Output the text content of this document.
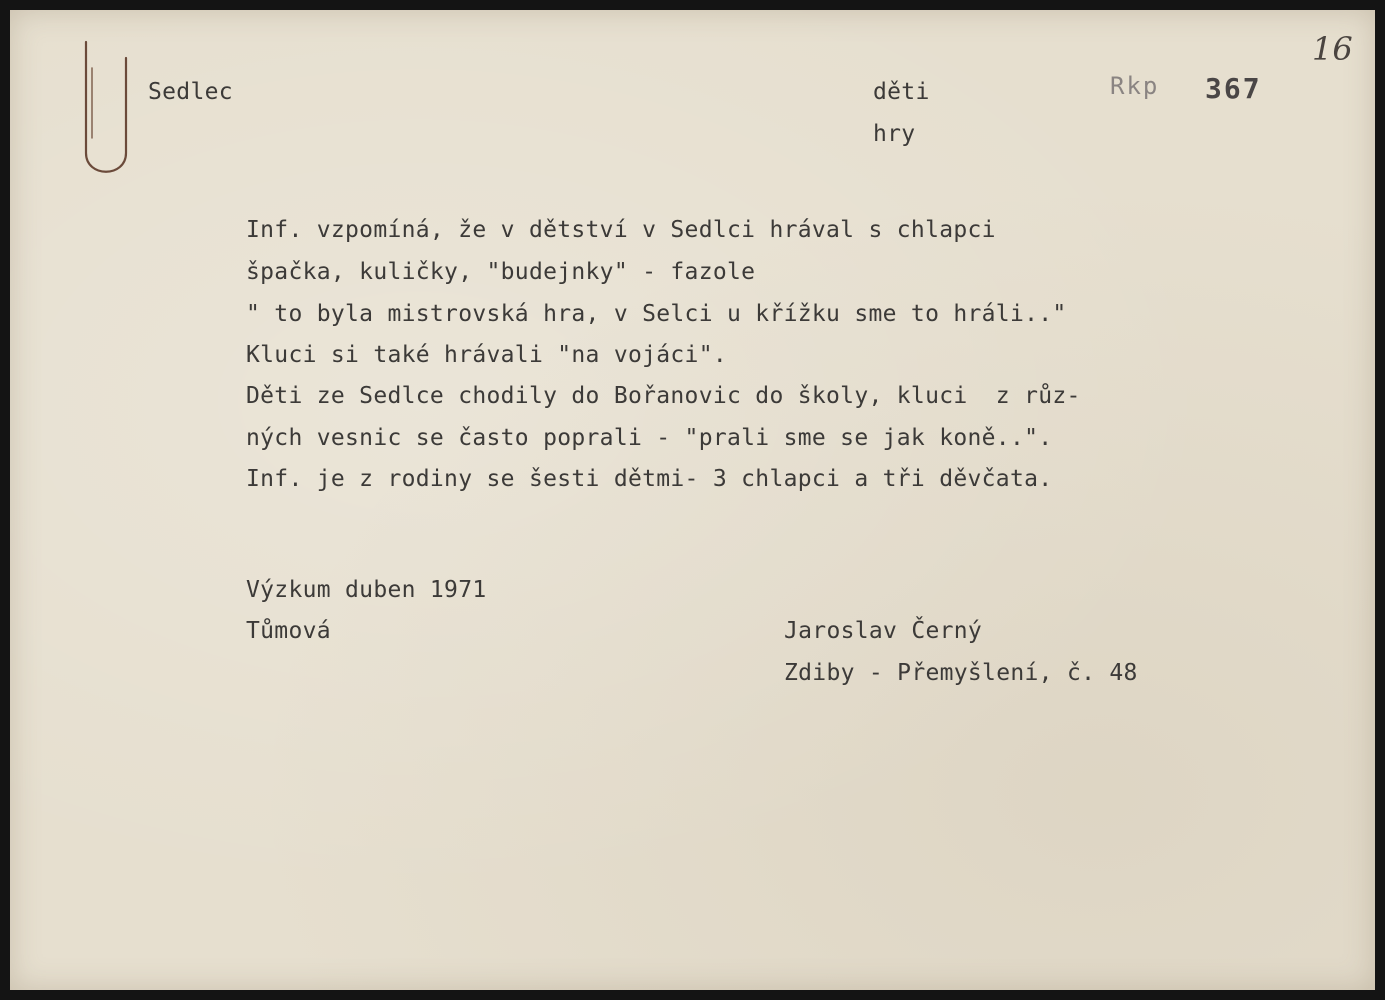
Sedlec	děti
hry
Rkp 367
16

Inf. vzpomíná, že v dětství v Sedlci hrával s chlapci

špačka, kuličky, "budejnky" - fazole

" to byla mistrovská hra, v Selci u křížku sme to hráli.."

Kluci si také hrávali "na vojáci".

Děti ze Sedlce chodily do Bořanovic do školy, kluci  z růz-

ných vesnic se často poprali - "prali sme se jak koně..".

Inf. je z rodiny se šesti dětmi- 3 chlapci a tři děvčata.

Výzkum duben 1971
Tůmová	Jaroslav Černý
Zdiby - Přemyšlení, č. 48
